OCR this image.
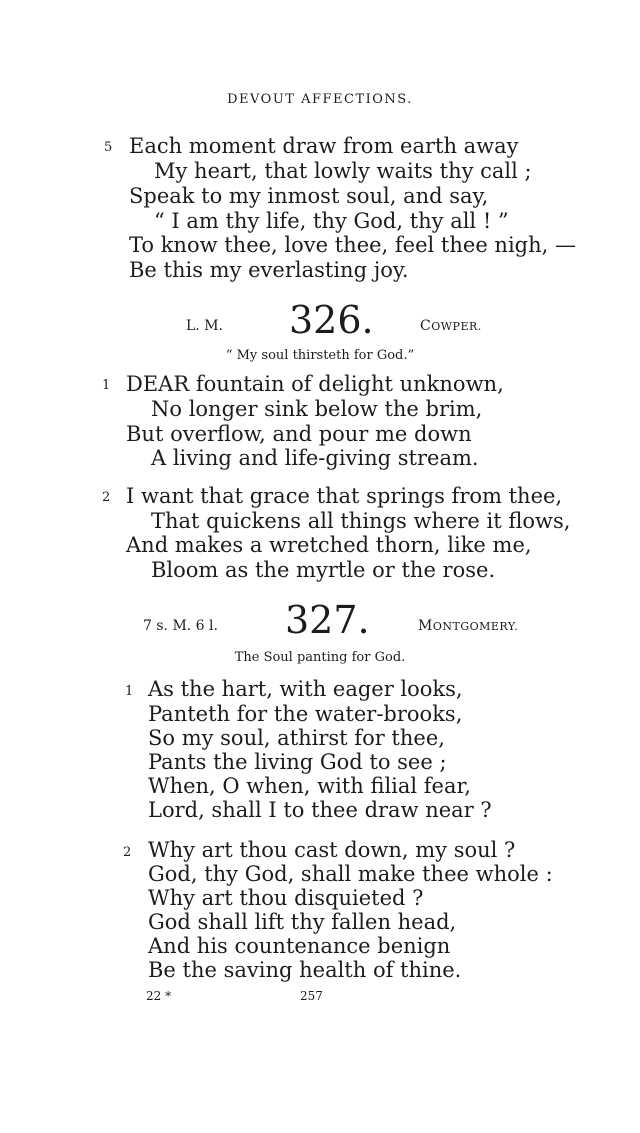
DEVOUT AFFECTIONS.
5 Each moment draw from earth away
My heart, that lowly waits thy call ;
Speak to my inmost soul, and say,
“ I am thy life, thy God, thy all ! ”
To know thee, love thee, feel thee nigh, —
Be this my everlasting joy.
L. M. 326.	COWPER.
“ My soul thirsteth for God.”
1 DEAR fountain of delight unknown,
No longer sink below the brim,
But overflow, and pour me down
A living and life-giving stream.
2 I want that grace that springs from thee,
That quickens all things where it flows,
And makes a wretched thorn, like me,
Bloom as the myrtle or the rose.
7 s. M. 6 l. 327.	MONTGOMERY.
The Soul panting for God.
1 As the hart, with eager looks,
Panteth for the water-brooks,
So my soul, athirst for thee,
Pants the living God to see ;
When, O when, with filial fear,
Lord, shall I to thee draw near ?
2 Why art thou cast down, my soul ?
God, thy God, shall make thee whole :
Why art thou disquieted ?
God shall lift thy fallen head,
And his countenance benign
Be the saving health of thine.
22 *	257
